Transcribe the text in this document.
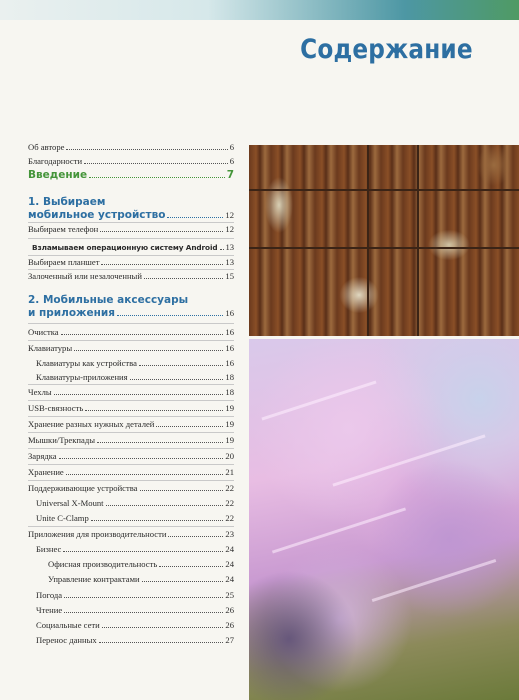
Содержание
Об авторе	6
Благодарности	6
Введение	7
1. Выбираем
мобильное устройство	12
Выбираем телефон	12
Взламываем операционную систему Android 13
Выбираем планшет	13
Залоченный или незалоченный	15
2. Мобильные аксессуары
и приложения	16
Очистка	16
Клавиатуры	16
Клавиатуры как устройства	16
Клавиатуры-приложения	18
Чехлы	18
USB-связность	19
Хранение разных нужных деталей	19
Мышки/Трекпады	19
Зарядка	20
Хранение	21
Поддерживающие устройства	22
Universal X-Mount	22
Unite C-Clamp	22
Приложения для производительности	23
Бизнес	24
Офисная производительность	24
Управление контрактами	24
Погода	25
Чтение	26
Социальные сети	26
Перенос данных	27
